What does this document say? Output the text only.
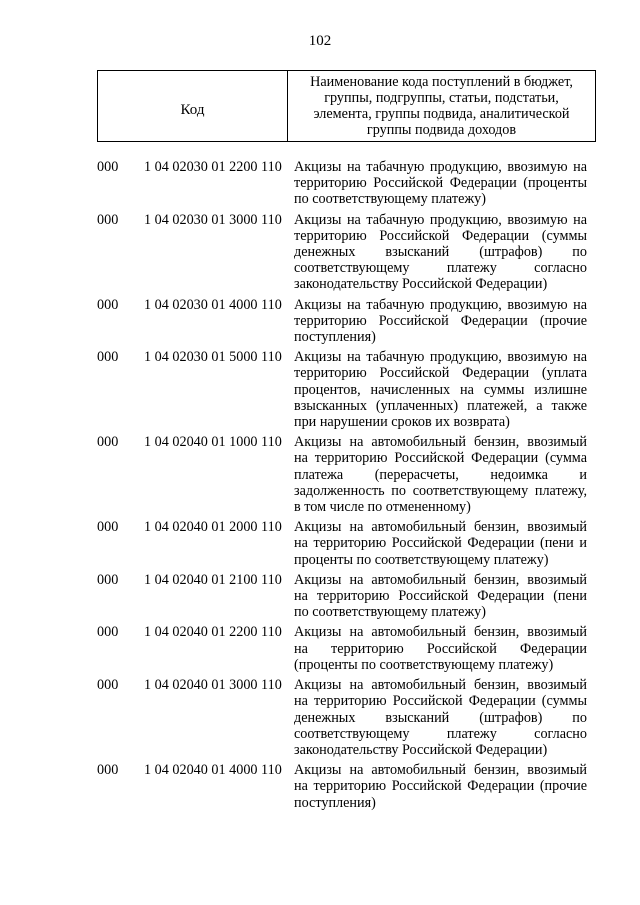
102
Код
Наименование кода поступлений в бюджет, группы, подгруппы, статьи, подстатьи, элемента, группы подвида, аналитической группы подвида доходов
000	1 04 02030 01 2200 110 Акцизы на табачную продукцию, ввозимую на
территорию Российской Федерации (проценты
по соответствующему платежу)
000	1 04 02030 01 3000 110 Акцизы на табачную продукцию, ввозимую на
территорию Российской Федерации (суммы
денежных взысканий (штрафов) по
соответствующему платежу согласно
законодательству Российской Федерации)
000	1 04 02030 01 4000 110 Акцизы на табачную продукцию, ввозимую на
территорию Российской Федерации (прочие
поступления)
000	1 04 02030 01 5000 110 Акцизы на табачную продукцию, ввозимую на
территорию Российской Федерации (уплата
процентов, начисленных на суммы излишне
взысканных (уплаченных) платежей, а также
при нарушении сроков их возврата)
000	1 04 02040 01 1000 110 Акцизы на автомобильный бензин, ввозимый
на территорию Российской Федерации (сумма
платежа (перерасчеты, недоимка и
задолженность по соответствующему платежу,
в том числе по отмененному)
000	1 04 02040 01 2000 110 Акцизы на автомобильный бензин, ввозимый
на территорию Российской Федерации (пени и
проценты по соответствующему платежу)
000	1 04 02040 01 2100 110 Акцизы на автомобильный бензин, ввозимый
на территорию Российской Федерации (пени
по соответствующему платежу)
000	1 04 02040 01 2200 110 Акцизы на автомобильный бензин, ввозимый
на территорию Российской Федерации
(проценты по соответствующему платежу)
000	1 04 02040 01 3000 110 Акцизы на автомобильный бензин, ввозимый
на территорию Российской Федерации (суммы
денежных взысканий (штрафов) по
соответствующему платежу согласно
законодательству Российской Федерации)
000	1 04 02040 01 4000 110 Акцизы на автомобильный бензин, ввозимый
на территорию Российской Федерации (прочие
поступления)
